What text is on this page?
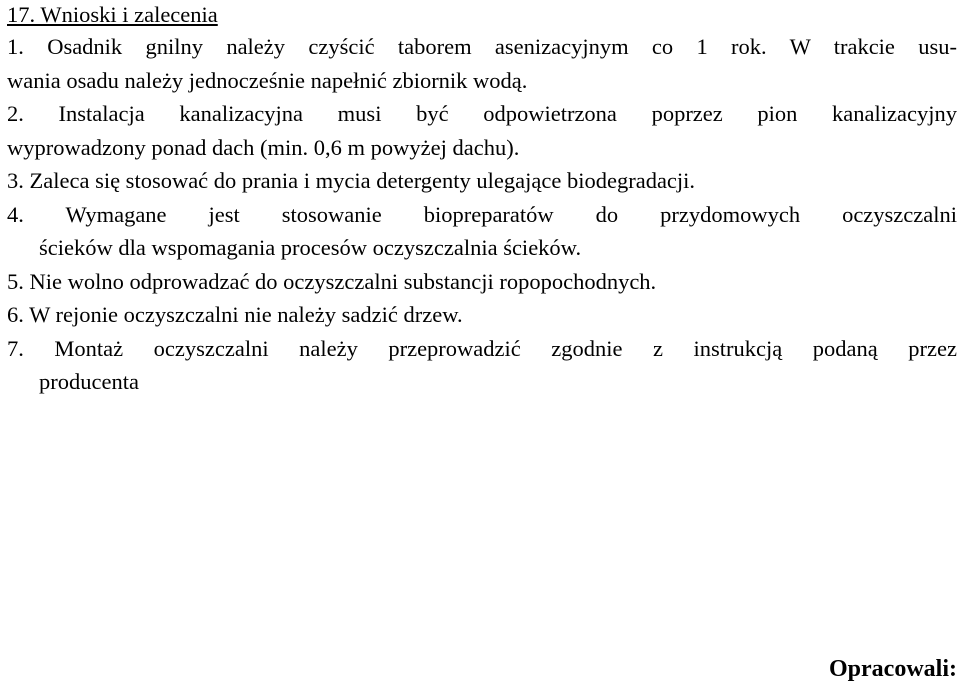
17. Wnioski i zalecenia
1. Osadnik gnilny należy czyścić taborem asenizacyjnym co 1 rok. W trakcie usu-
wania osadu należy jednocześnie napełnić zbiornik wodą.
2. Instalacja kanalizacyjna musi być odpowietrzona poprzez pion kanalizacyjny
wyprowadzony ponad dach (min. 0,6 m powyżej dachu).
3. Zaleca się stosować do prania i mycia detergenty ulegające biodegradacji.
4. Wymagane jest stosowanie biopreparatów do przydomowych oczyszczalni
ścieków dla wspomagania procesów oczyszczalnia ścieków.
5. Nie wolno odprowadzać do oczyszczalni substancji ropopochodnych.
6. W rejonie oczyszczalni nie należy sadzić drzew.
7. Montaż oczyszczalni należy przeprowadzić zgodnie z instrukcją podaną przez
producenta
Opracowali:
